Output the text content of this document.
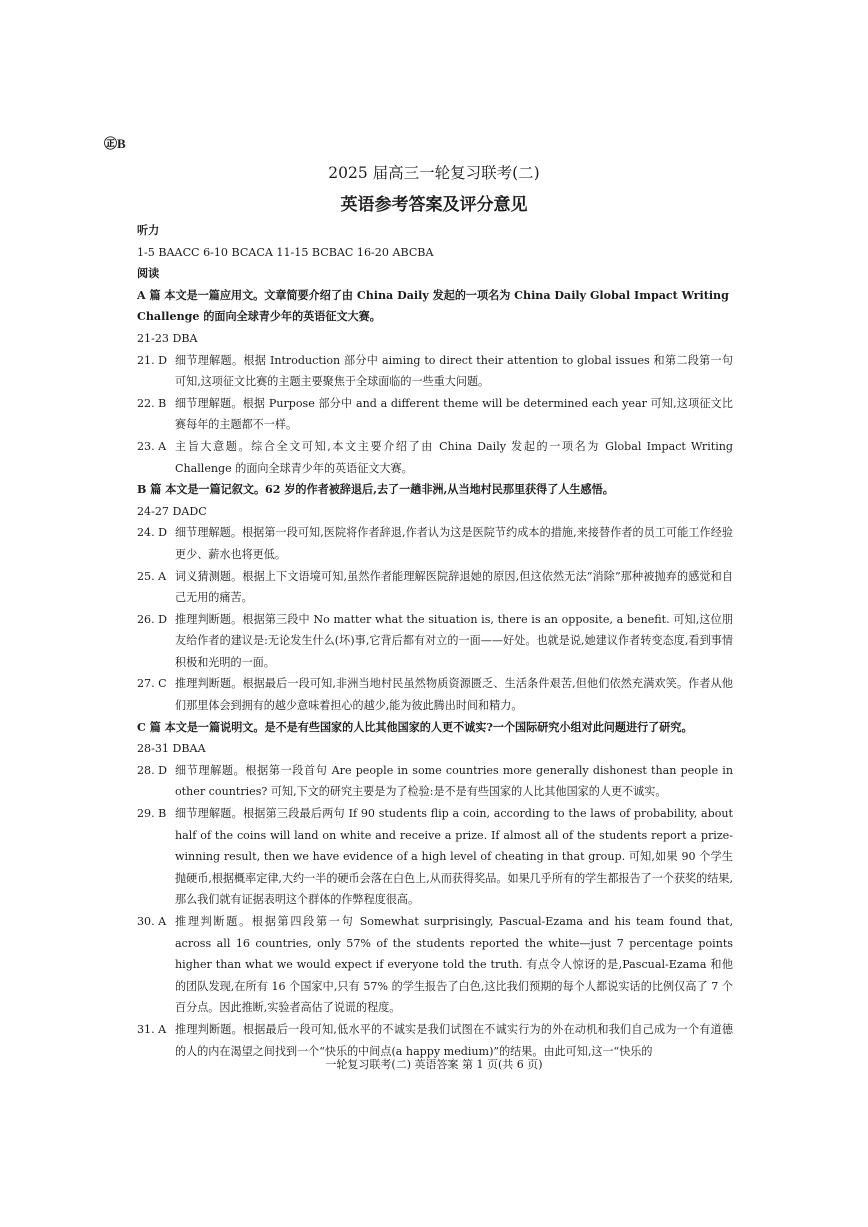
㊣B
2025 届高三一轮复习联考(二)
英语参考答案及评分意见

听力

1-5 BAACC 6-10 BCACA 11-15 BCBAC 16-20 ABCBA

阅读

A 篇 本文是一篇应用文。文章简要介绍了由 China Daily 发起的一项名为 China Daily Global Impact Writing Challenge 的面向全球青少年的英语征文大赛。

21-23 DBA

21. D 细节理解题。根据 Introduction 部分中 aiming to direct their attention to global issues 和第二段第一句可知,这项征文比赛的主题主要聚焦于全球面临的一些重大问题。
22. B 细节理解题。根据 Purpose 部分中 and a different theme will be determined each year 可知,这项征文比赛每年的主题都不一样。
23. A 主旨大意题。综合全文可知,本文主要介绍了由 China Daily 发起的一项名为 Global Impact Writing Challenge 的面向全球青少年的英语征文大赛。

B 篇 本文是一篇记叙文。62 岁的作者被辞退后,去了一趟非洲,从当地村民那里获得了人生感悟。

24-27 DADC

24. D 细节理解题。根据第一段可知,医院将作者辞退,作者认为这是医院节约成本的措施,来接替作者的员工可能工作经验更少、薪水也将更低。
25. A 词义猜测题。根据上下文语境可知,虽然作者能理解医院辞退她的原因,但这依然无法“消除”那种被抛弃的感觉和自己无用的痛苦。
26. D 推理判断题。根据第三段中 No matter what the situation is, there is an opposite, a benefit. 可知,这位朋友给作者的建议是:无论发生什么(坏)事,它背后都有对立的一面——好处。也就是说,她建议作者转变态度,看到事情积极和光明的一面。
27. C 推理判断题。根据最后一段可知,非洲当地村民虽然物质资源匮乏、生活条件艰苦,但他们依然充满欢笑。作者从他们那里体会到拥有的越少意味着担心的越少,能为彼此腾出时间和精力。

C 篇 本文是一篇说明文。是不是有些国家的人比其他国家的人更不诚实?一个国际研究小组对此问题进行了研究。

28-31 DBAA

28. D 细节理解题。根据第一段首句 Are people in some countries more generally dishonest than people in other countries? 可知,下文的研究主要是为了检验:是不是有些国家的人比其他国家的人更不诚实。
29. B 细节理解题。根据第三段最后两句 If 90 students flip a coin, according to the laws of probability, about half of the coins will land on white and receive a prize. If almost all of the students report a prize-winning result, then we have evidence of a high level of cheating in that group. 可知,如果 90 个学生抛硬币,根据概率定律,大约一半的硬币会落在白色上,从而获得奖品。如果几乎所有的学生都报告了一个获奖的结果,那么我们就有证据表明这个群体的作弊程度很高。
30. A 推理判断题。根据第四段第一句 Somewhat surprisingly, Pascual-Ezama and his team found that, across all 16 countries, only 57% of the students reported the white—just 7 percentage points higher than what we would expect if everyone told the truth. 有点令人惊讶的是,Pascual-Ezama 和他的团队发现,在所有 16 个国家中,只有 57% 的学生报告了白色,这比我们预期的每个人都说实话的比例仅高了 7 个百分点。因此推断,实验者高估了说谎的程度。
31. A 推理判断题。根据最后一段可知,低水平的不诚实是我们试图在不诚实行为的外在动机和我们自己成为一个有道德的人的内在渴望之间找到一个“快乐的中间点(a happy medium)”的结果。由此可知,这一“快乐的
一轮复习联考(二) 英语答案 第 1 页(共 6 页)
